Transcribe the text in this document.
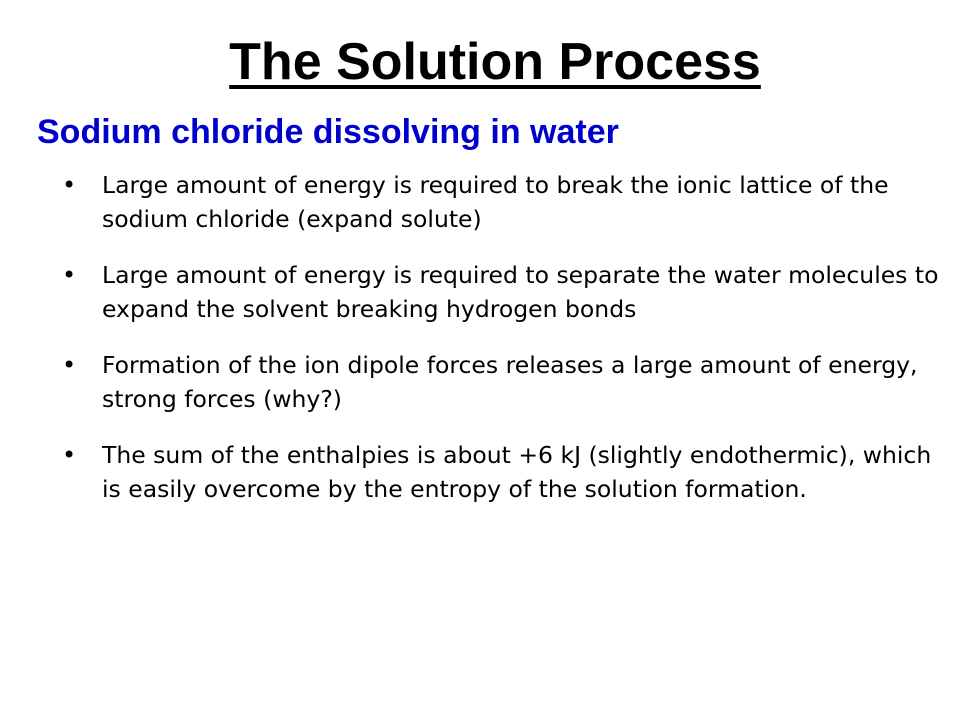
The Solution Process
Sodium chloride dissolving in water
• Large amount of energy is required to break the ionic lattice of the sodium chloride (expand solute)
• Large amount of energy is required to separate the water molecules to expand the solvent breaking hydrogen bonds
• Formation of the ion dipole forces releases a large amount of energy, strong forces (why?)
• The sum of the enthalpies is about +6 kJ (slightly endothermic), which is easily overcome by the entropy of the solution formation.
